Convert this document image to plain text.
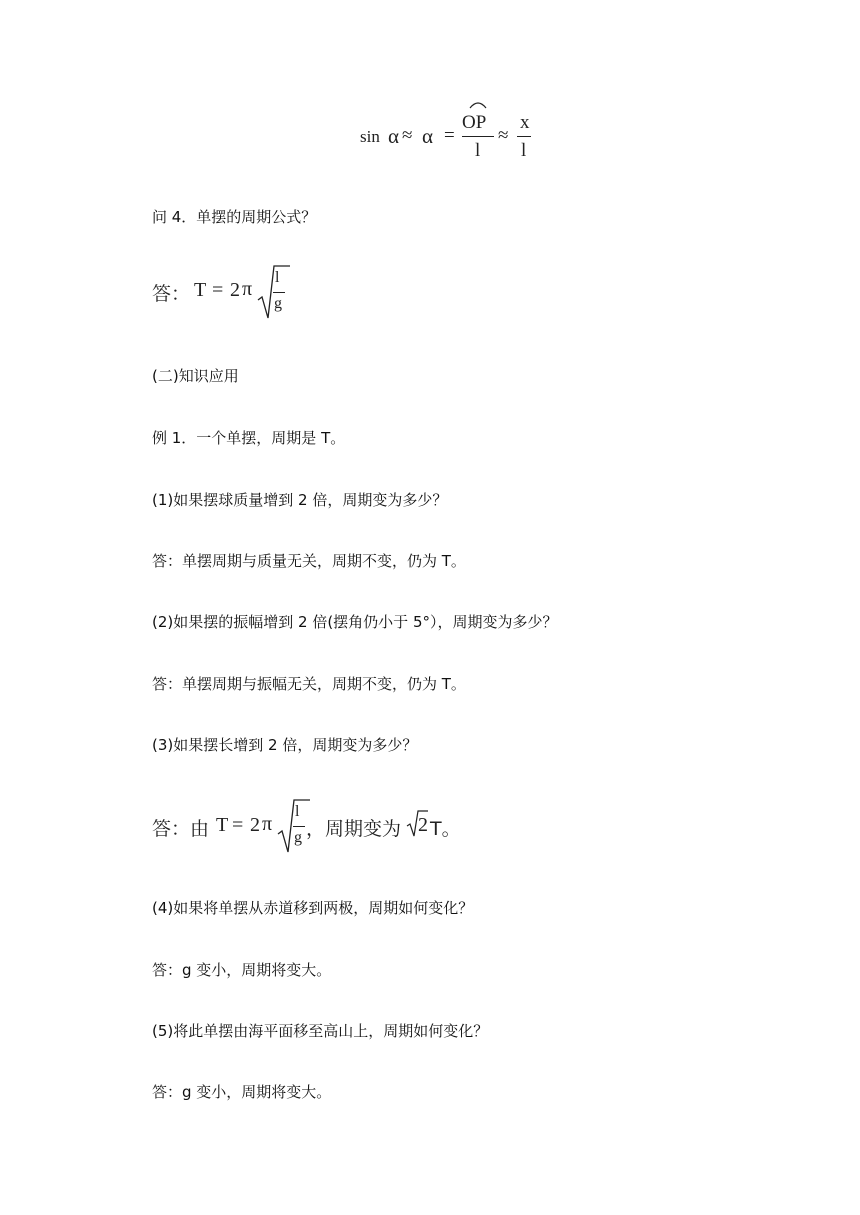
sin α ≈ α =
OP
l
≈
x
l
问 4．单摆的周期公式？
答： T = 2 π
l
g
(二)知识应用
例 1．一个单摆，周期是 T。
(1)如果摆球质量增到 2 倍，周期变为多少？
答：单摆周期与质量无关，周期不变，仍为 T。
(2)如果摆的振幅增到 2 倍(摆角仍小于 5°），周期变为多少？
答：单摆周期与振幅无关，周期不变，仍为 T。
(3)如果摆长增到 2 倍，周期变为多少？
答：由 T = 2 π
l
g ，周期变为 2 T。
(4)如果将单摆从赤道移到两极，周期如何变化？
答：g 变小，周期将变大。
(5)将此单摆由海平面移至高山上，周期如何变化？
答：g 变小，周期将变大。
